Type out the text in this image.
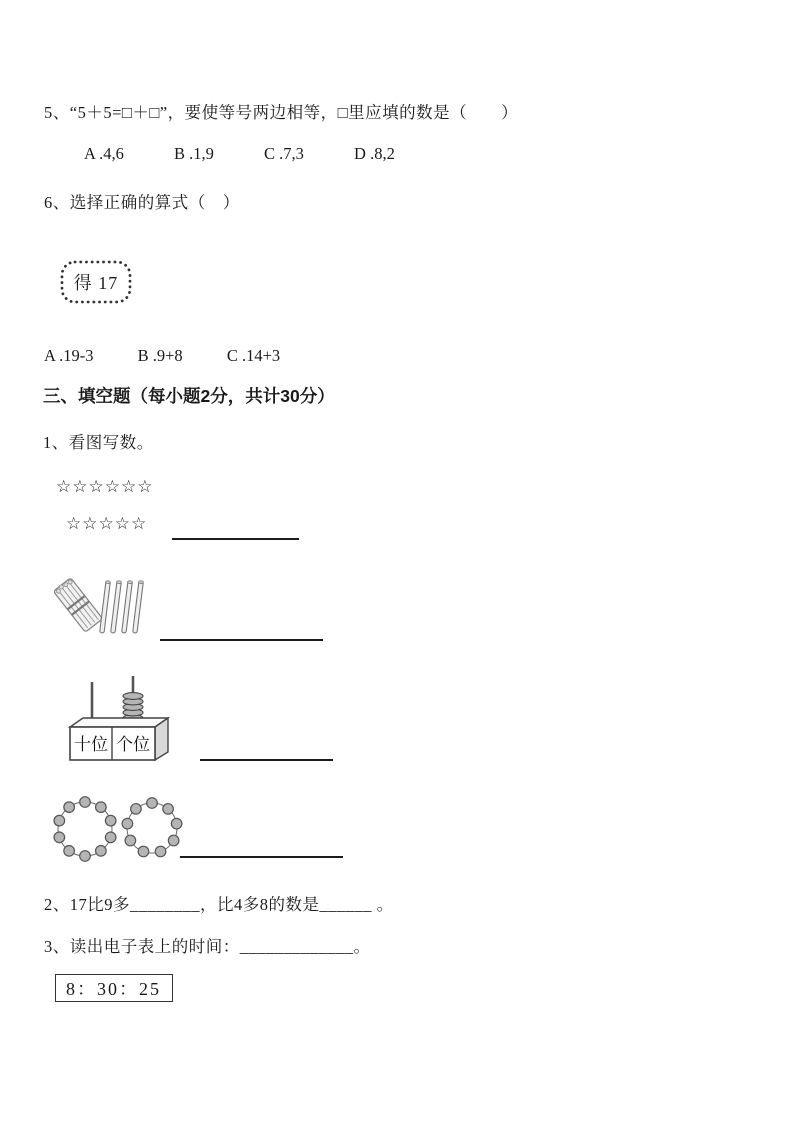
5、“5＋5=□＋□”，要使等号两边相等，□里应填的数是（　　）
A .4,6	B .1,9	C .7,3	D .8,2
6、选择正确的算式（　）
得 17
A .19-3	B .9+8	C .14+3
三、填空题（每小题2分，共计30分）
1、看图写数。
☆☆☆☆☆☆
☆☆☆☆☆
十位 个位
2、17比9多________，比4多8的数是______ 。
3、读出电子表上的时间：_____________。
8：30：25
